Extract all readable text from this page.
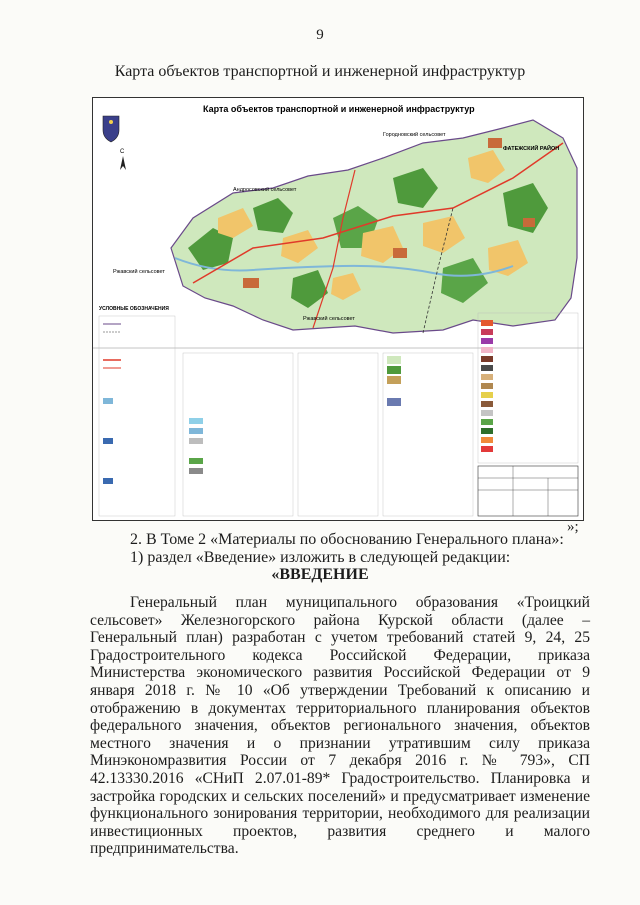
9
Карта объектов транспортной и инженерной инфраструктур
Карта объектов транспортной и инженерной инфраструктур
С
Городновский сельсовет
ФАТЕЖСКИЙ РАЙОН
Андросовский сельсовет
Ржавский сельсовет
Ржавский сельсовет
УСЛОВНЫЕ ОБОЗНАЧЕНИЯ
»;

2. В Томе 2 «Материалы по обоснованию Генерального плана»:

1) раздел «Введение» изложить в следующей редакции:

«ВВЕДЕНИЕ

Генеральный план муниципального образования «Троицкий сельсовет» Железногорского района Курской области (далее – Генеральный план) разработан с учетом требований статей 9, 24, 25 Градостроительного кодекса Российской Федерации, приказа Министерства экономического развития Российской Федерации от 9 января 2018 г. № 10 «Об утверждении Требований к описанию и отображению в документах территориального планирования объектов федерального значения, объектов регионального значения, объектов местного значения и о признании утратившим силу приказа Минэкономразвития России от 7 декабря 2016 г. № 793», СП 42.13330.2016 «СНиП 2.07.01-89* Градостроительство. Планировка и застройка городских и сельских поселений» и предусматривает изменение функционального зонирования территории, необходимого для реализации инвестиционных проектов, развития среднего и малого предпринимательства.
